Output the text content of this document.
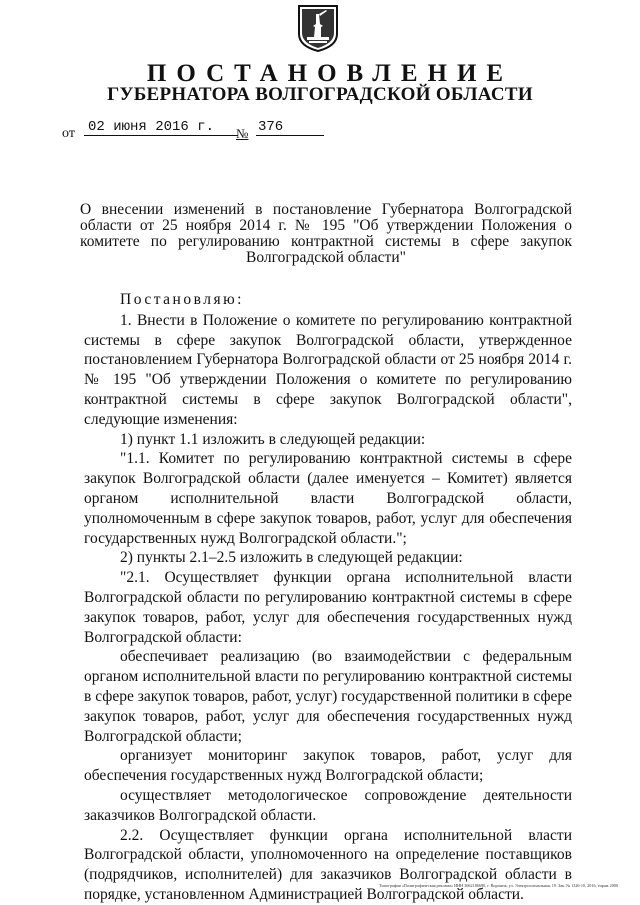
ПОСТАНОВЛЕНИЕ
ГУБЕРНАТОРА ВОЛГОГРАДСКОЙ ОБЛАСТИ
от 02 июня 2016 г.	№ 376

О внесении изменений в постановление Губернатора Волгоградской области от 25 ноября 2014 г. № 195 "Об утверждении Положения о комитете по регулированию контрактной системы в сфере закупок Волгоградской области"

Постановляю:

1. Внести в Положение о комитете по регулированию контрактной системы в сфере закупок Волгоградской области, утвержденное постановлением Губернатора Волгоградской области от 25 ноября 2014 г. № 195 "Об утверждении Положения о комитете по регулированию контрактной системы в сфере закупок Волгоградской области", следующие изменения:

1) пункт 1.1 изложить в следующей редакции:

"1.1. Комитет по регулированию контрактной системы в сфере закупок Волгоградской области (далее именуется – Комитет) является органом исполнительной власти Волгоградской области, уполномоченным в сфере закупок товаров, работ, услуг для обеспечения государственных нужд Волгоградской области.";

2) пункты 2.1–2.5 изложить в следующей редакции:

"2.1. Осуществляет функции органа исполнительной власти Волгоградской области по регулированию контрактной системы в сфере закупок товаров, работ, услуг для обеспечения государственных нужд Волгоградской области:

обеспечивает реализацию (во взаимодействии с федеральным органом исполнительной власти по регулированию контрактной системы в сфере закупок товаров, работ, услуг) государственной политики в сфере закупок товаров, работ, услуг для обеспечения государственных нужд Волгоградской области;

организует мониторинг закупок товаров, работ, услуг для обеспечения государственных нужд Волгоградской области;

осуществляет методологическое сопровождение деятельности заказчиков Волгоградской области.

2.2. Осуществляет функции органа исполнительной власти Волгоградской области, уполномоченного на определение поставщиков (подрядчиков, исполнителей) для заказчиков Волгоградской области в порядке, установленном Администрацией Волгоградской области.

Типография «Полиграфическая реклама» ИНН 3662186690, г. Воронеж, ул. Электросигнальная, 19. Зак. № 1326-10, 2016, тираж 2000
